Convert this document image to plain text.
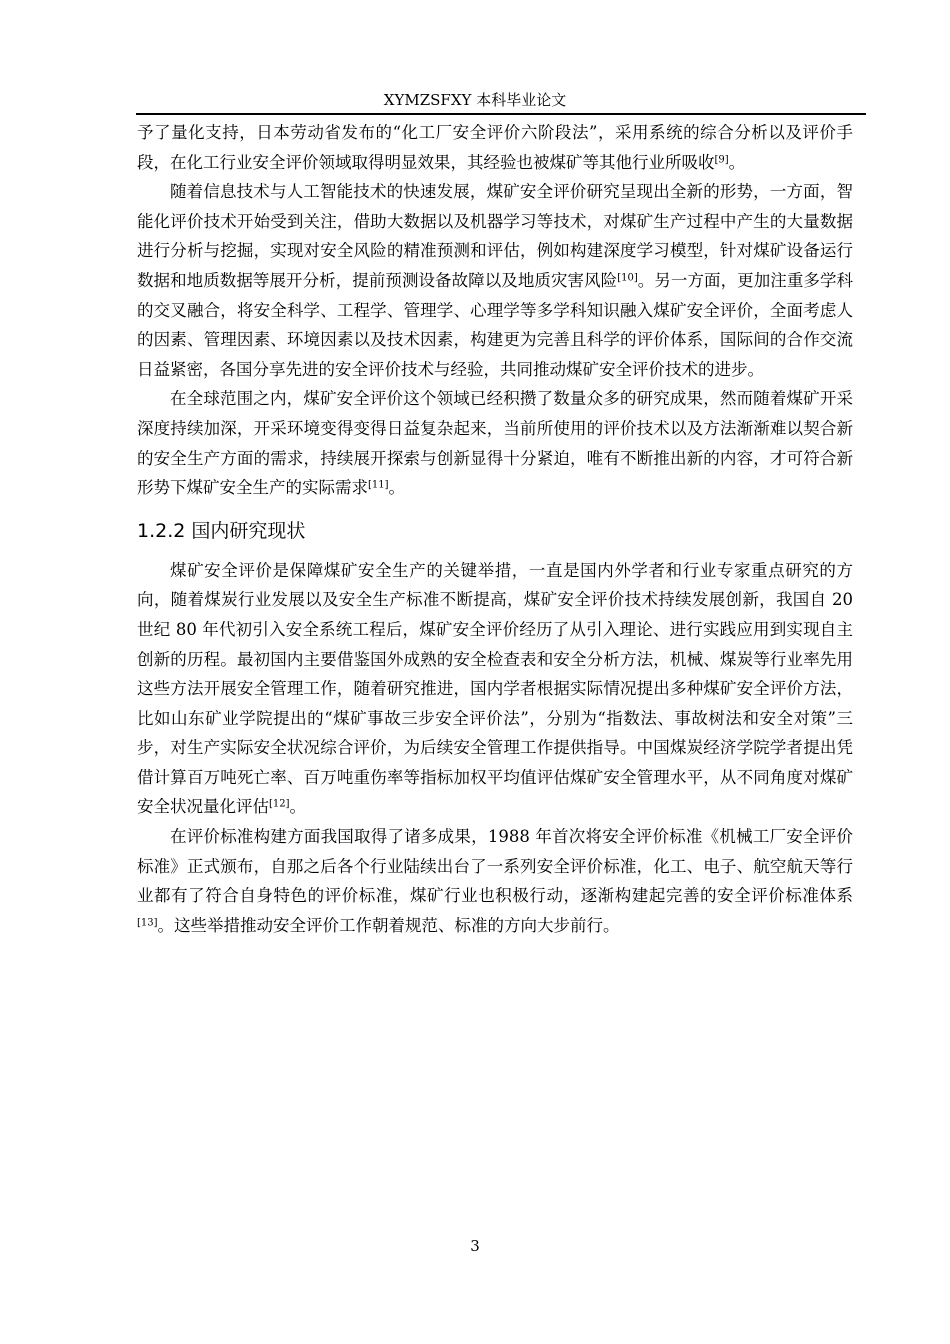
XYMZSFXY 本科毕业论文

予了量化支持，日本劳动省发布的“化工厂安全评价六阶段法”，采用系统的综合分析以及评价手段，在化工行业安全评价领域取得明显效果，其经验也被煤矿等其他行业所吸收[9]。

随着信息技术与人工智能技术的快速发展，煤矿安全评价研究呈现出全新的形势，一方面，智能化评价技术开始受到关注，借助大数据以及机器学习等技术，对煤矿生产过程中产生的大量数据进行分析与挖掘，实现对安全风险的精准预测和评估，例如构建深度学习模型，针对煤矿设备运行数据和地质数据等展开分析，提前预测设备故障以及地质灾害风险[10]。另一方面，更加注重多学科的交叉融合，将安全科学、工程学、管理学、心理学等多学科知识融入煤矿安全评价，全面考虑人的因素、管理因素、环境因素以及技术因素，构建更为完善且科学的评价体系，国际间的合作交流日益紧密，各国分享先进的安全评价技术与经验，共同推动煤矿安全评价技术的进步。

在全球范围之内，煤矿安全评价这个领域已经积攒了数量众多的研究成果，然而随着煤矿开采深度持续加深，开采环境变得变得日益复杂起来，当前所使用的评价技术以及方法渐渐难以契合新的安全生产方面的需求，持续展开探索与创新显得十分紧迫，唯有不断推出新的内容，才可符合新形势下煤矿安全生产的实际需求[11]。

1.2.2 国内研究现状

煤矿安全评价是保障煤矿安全生产的关键举措，一直是国内外学者和行业专家重点研究的方向，随着煤炭行业发展以及安全生产标准不断提高，煤矿安全评价技术持续发展创新，我国自 20 世纪 80 年代初引入安全系统工程后，煤矿安全评价经历了从引入理论、进行实践应用到实现自主创新的历程。最初国内主要借鉴国外成熟的安全检查表和安全分析方法，机械、煤炭等行业率先用这些方法开展安全管理工作，随着研究推进，国内学者根据实际情况提出多种煤矿安全评价方法，比如山东矿业学院提出的“煤矿事故三步安全评价法”，分别为“指数法、事故树法和安全对策”三步，对生产实际安全状况综合评价，为后续安全管理工作提供指导。中国煤炭经济学院学者提出凭借计算百万吨死亡率、百万吨重伤率等指标加权平均值评估煤矿安全管理水平，从不同角度对煤矿安全状况量化评估[12]。

在评价标准构建方面我国取得了诸多成果，1988 年首次将安全评价标准《机械工厂安全评价标准》正式颁布，自那之后各个行业陆续出台了一系列安全评价标准，化工、电子、航空航天等行业都有了符合自身特色的评价标准，煤矿行业也积极行动，逐渐构建起完善的安全评价标准体系[13]。这些举措推动安全评价工作朝着规范、标准的方向大步前行。

3
